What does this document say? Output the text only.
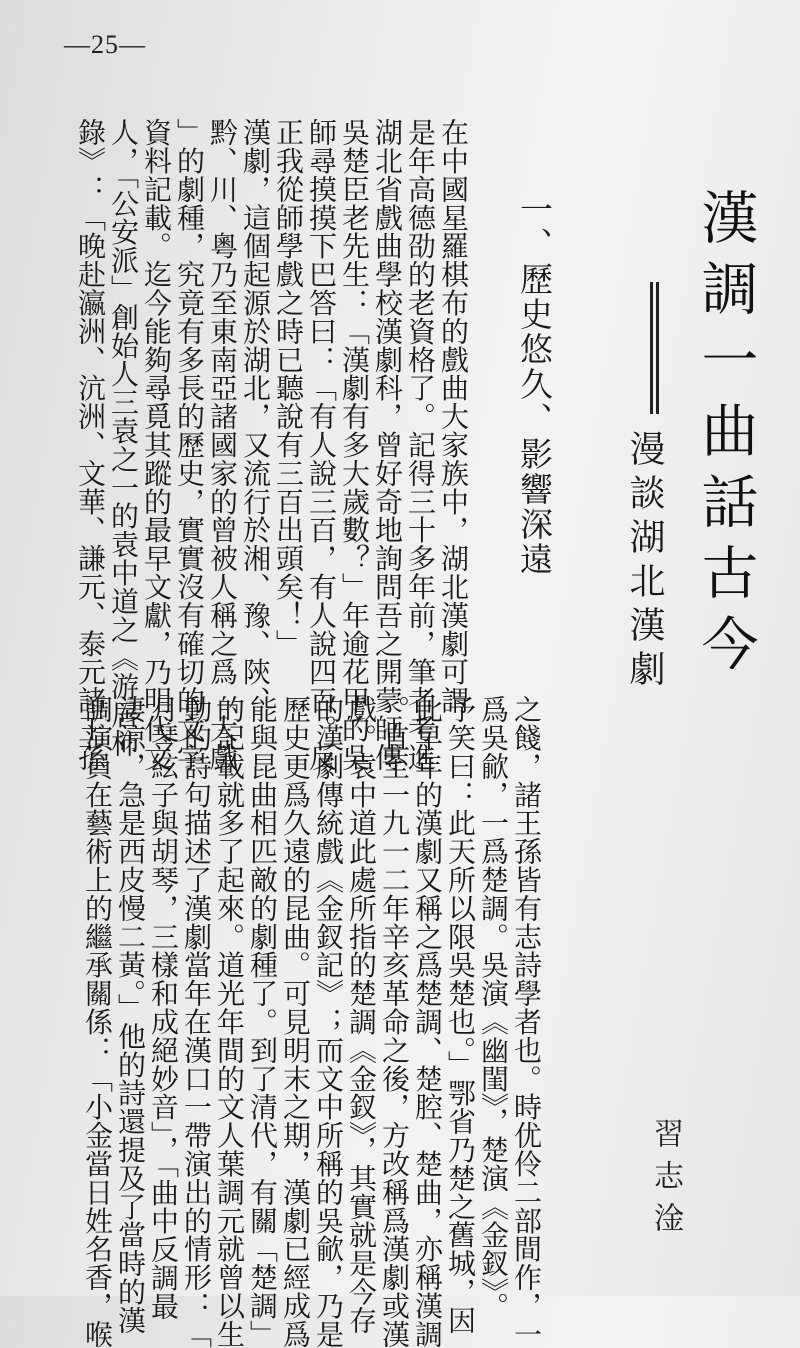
—25—
漢調一曲話古今
漫談湖北漢劇
一、歷史悠久、影響深遠

在中國星羅棋布的戲曲大家族中，湖北漢劇可謂

是年高德劭的老資格了。記得三十多年前，筆者考進

湖北省戲曲學校漢劇科，曾好奇地詢問吾之開蒙師傅

吳楚臣老先生：「漢劇有多大歲數？」年逾花甲的吳

師尋摸摸下巴答曰：「有人說三百，有人說四百。反

正我從師學戲之時已聽說有三百出頭矣！」

漢劇，這個起源於湖北，又流行於湘、豫、陝、

黔、川、粵乃至東南亞諸國家的曾被人稱之爲「大戲

」的劇種，究竟有多長的歷史，實實沒有確切的文字

資料記載。迄今能夠尋覓其蹤的最早文獻，乃明代文

人，「公安派」創始人三袁之一的袁中道之《游居柿

錄》：「晚赴瀛洲、沆洲、文華、謙元、泰元諸王孫

之餞，諸王孫皆有志詩學者也。時优伶二部間作，一

爲吳歈，一爲楚調。吳演《幽閨》，楚演《金釵》。

予笑曰：此天所以限吳楚也。」鄂省乃楚之舊城，因

此早年的漢劇又稱之爲楚調、楚腔、楚曲，亦稱漢調

。直至一九一二年辛亥革命之後，方改稱爲漢劇或漢

戲。袁中道此處所指的楚調《金釵》，其實就是今存

的漢劇傳統戲《金釵記》；而文中所稱的吳歈，乃是

歷史更爲久遠的昆曲。可見明末之期，漢劇已經成爲

能與昆曲相匹敵的劇種了。到了清代，有關「楚調」

的記載就多了起來。道光年間的文人葉調元就曾以生

動的詩句描述了漢劇當年在漢口一帶演出的情形：「

月琴絃子與胡琴，三樣和成絕妙音」，「曲中反調最

淒涼，急是西皮慢二黃。」他的詩還提及了當時的漢

調演員在藝術上的繼承關係：「小金當日姓名香，喉	習志淦
